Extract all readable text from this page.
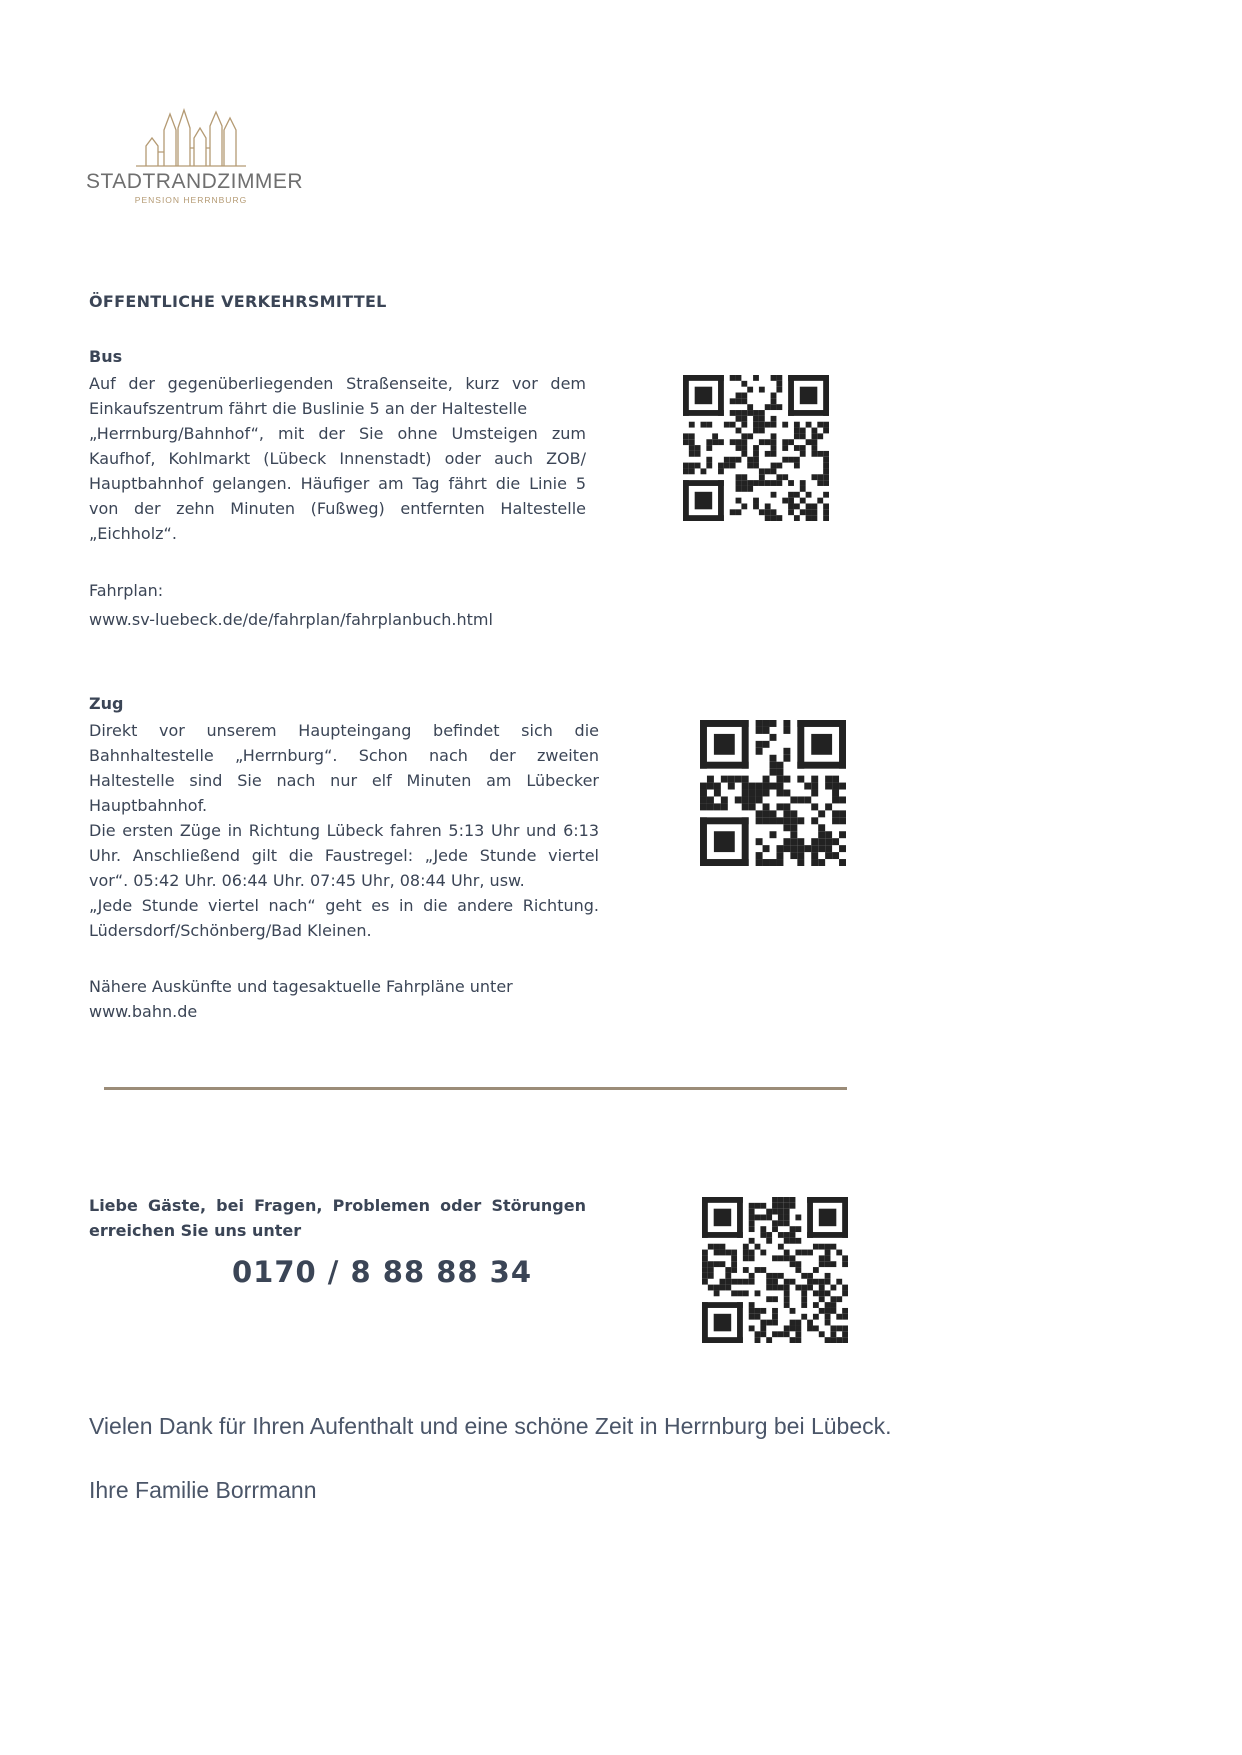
STADTRANDZIMMER
PENSION HERRNBURG
ÖFFENTLICHE VERKEHRSMITTEL
Bus
Auf der gegenüberliegenden Straßenseite, kurz vor dem
Einkaufszentrum fährt die Buslinie 5 an der Haltestelle
„Herrnburg/Bahnhof“, mit der Sie ohne Umsteigen zum
Kaufhof, Kohlmarkt (Lübeck Innenstadt) oder auch ZOB/
Hauptbahnhof gelangen. Häufiger am Tag fährt die Linie 5
von der zehn Minuten (Fußweg) entfernten Haltestelle
„Eichholz“.
Fahrplan:
www.sv-luebeck.de/de/fahrplan/fahrplanbuch.html
Zug
Direkt vor unserem Haupteingang befindet sich die
Bahnhaltestelle „Herrnburg“. Schon nach der zweiten
Haltestelle sind Sie nach nur elf Minuten am Lübecker
Hauptbahnhof.
Die ersten Züge in Richtung Lübeck fahren 5:13 Uhr und 6:13
Uhr. Anschließend gilt die Faustregel: „Jede Stunde viertel
vor“. 05:42 Uhr. 06:44 Uhr. 07:45 Uhr, 08:44 Uhr, usw.
„Jede Stunde viertel nach“ geht es in die andere Richtung.
Lüdersdorf/Schönberg/Bad Kleinen.
Nähere Auskünfte und tagesaktuelle Fahrpläne unter
www.bahn.de
Liebe Gäste, bei Fragen, Problemen oder Störungen
erreichen Sie uns unter
0170 / 8 88 88 34
Vielen Dank für Ihren Aufenthalt und eine schöne Zeit in Herrnburg bei Lübeck.
Ihre Familie Borrmann
